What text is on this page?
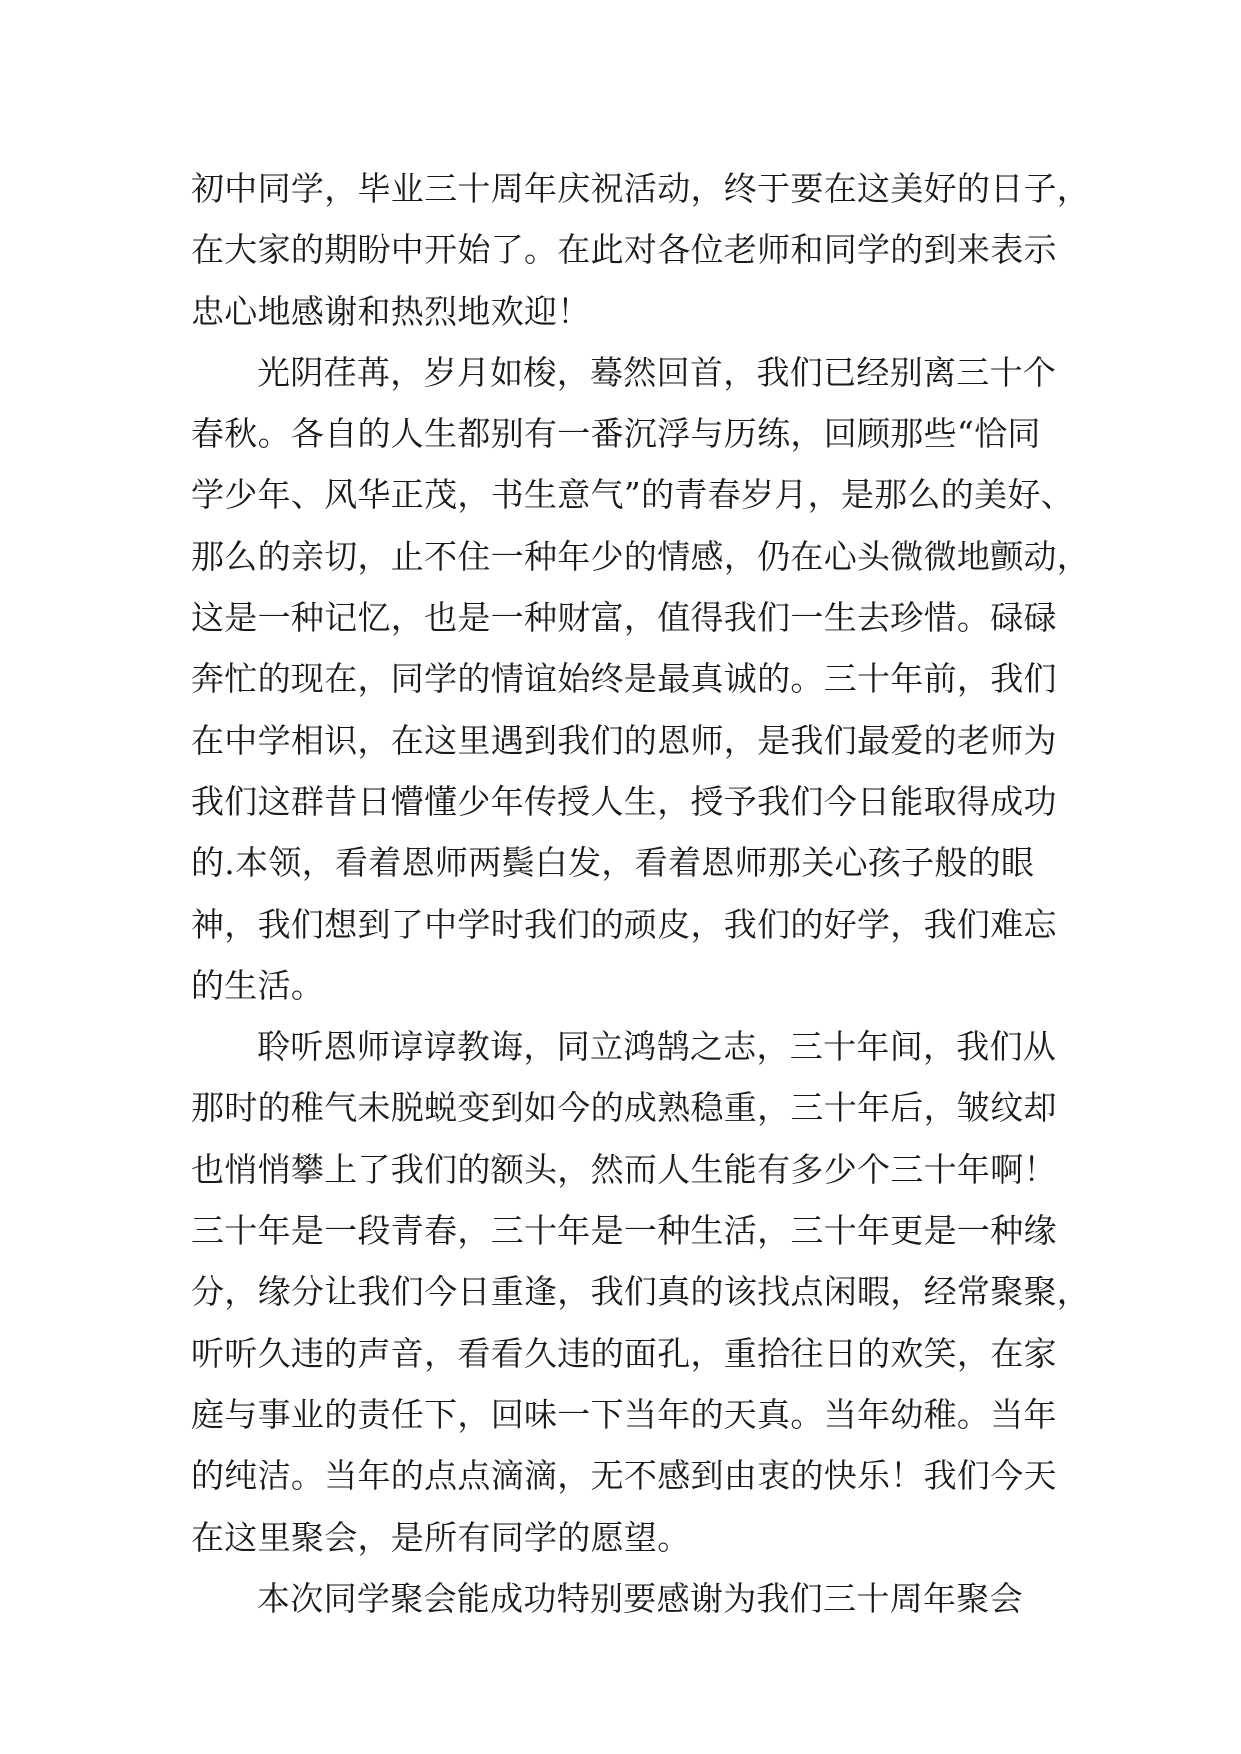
初中同学，毕业三十周年庆祝活动，终于要在这美好的日子，
在大家的期盼中开始了。在此对各位老师和同学的到来表示
忠心地感谢和热烈地欢迎！
光阴荏苒，岁月如梭，蓦然回首，我们已经别离三十个
春秋。各自的人生都别有一番沉浮与历练，回顾那些“恰同
学少年、风华正茂，书生意气”的青春岁月，是那么的美好、
那么的亲切，止不住一种年少的情感，仍在心头微微地颤动，
这是一种记忆，也是一种财富，值得我们一生去珍惜。碌碌
奔忙的现在，同学的情谊始终是最真诚的。三十年前，我们
在中学相识，在这里遇到我们的恩师，是我们最爱的老师为
我们这群昔日懵懂少年传授人生，授予我们今日能取得成功
的.本领，看着恩师两鬓白发，看着恩师那关心孩子般的眼
神，我们想到了中学时我们的顽皮，我们的好学，我们难忘
的生活。
聆听恩师谆谆教诲，同立鸿鹄之志，三十年间，我们从
那时的稚气未脱蜕变到如今的成熟稳重，三十年后，皱纹却
也悄悄攀上了我们的额头，然而人生能有多少个三十年啊！
三十年是一段青春，三十年是一种生活，三十年更是一种缘
分，缘分让我们今日重逢，我们真的该找点闲暇，经常聚聚，
听听久违的声音，看看久违的面孔，重拾往日的欢笑，在家
庭与事业的责任下，回味一下当年的天真。当年幼稚。当年
的纯洁。当年的点点滴滴，无不感到由衷的快乐！我们今天
在这里聚会，是所有同学的愿望。
本次同学聚会能成功特别要感谢为我们三十周年聚会
